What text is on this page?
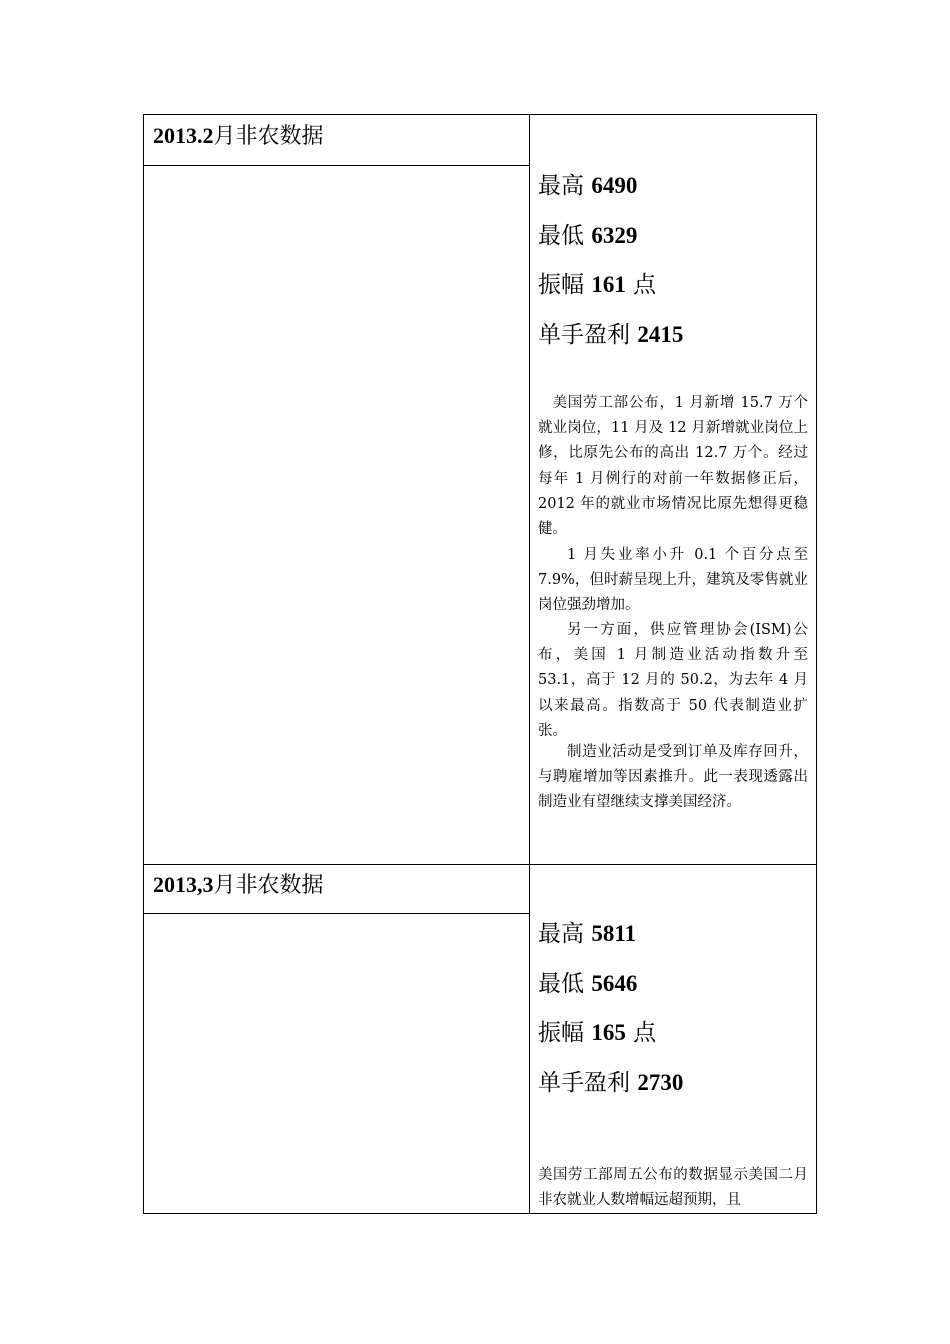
2013.2月非农数据
最高 6490
最低 6329
振幅 161 点
单手盈利 2415

美国劳工部公布，1 月新增 15.7 万个就业岗位，11 月及 12 月新增就业岗位上修，比原先公布的高出 12.7 万个。经过每年 1 月例行的对前一年数据修正后，2012 年的就业市场情况比原先想得更稳健。

1 月失业率小升 0.1 个百分点至 7.9%，但时薪呈现上升，建筑及零售就业岗位强劲增加。

另一方面，供应管理协会(ISM)公布，美国 1 月制造业活动指数升至 53.1，高于 12 月的 50.2，为去年 4 月以来最高。指数高于 50 代表制造业扩张。

制造业活动是受到订单及库存回升，与聘雇增加等因素推升。此一表现透露出制造业有望继续支撑美国经济。

2013,3月非农数据
最高 5811
最低 5646
振幅 165 点
单手盈利 2730

美国劳工部周五公布的数据显示美国二月非农就业人数增幅远超预期，且
